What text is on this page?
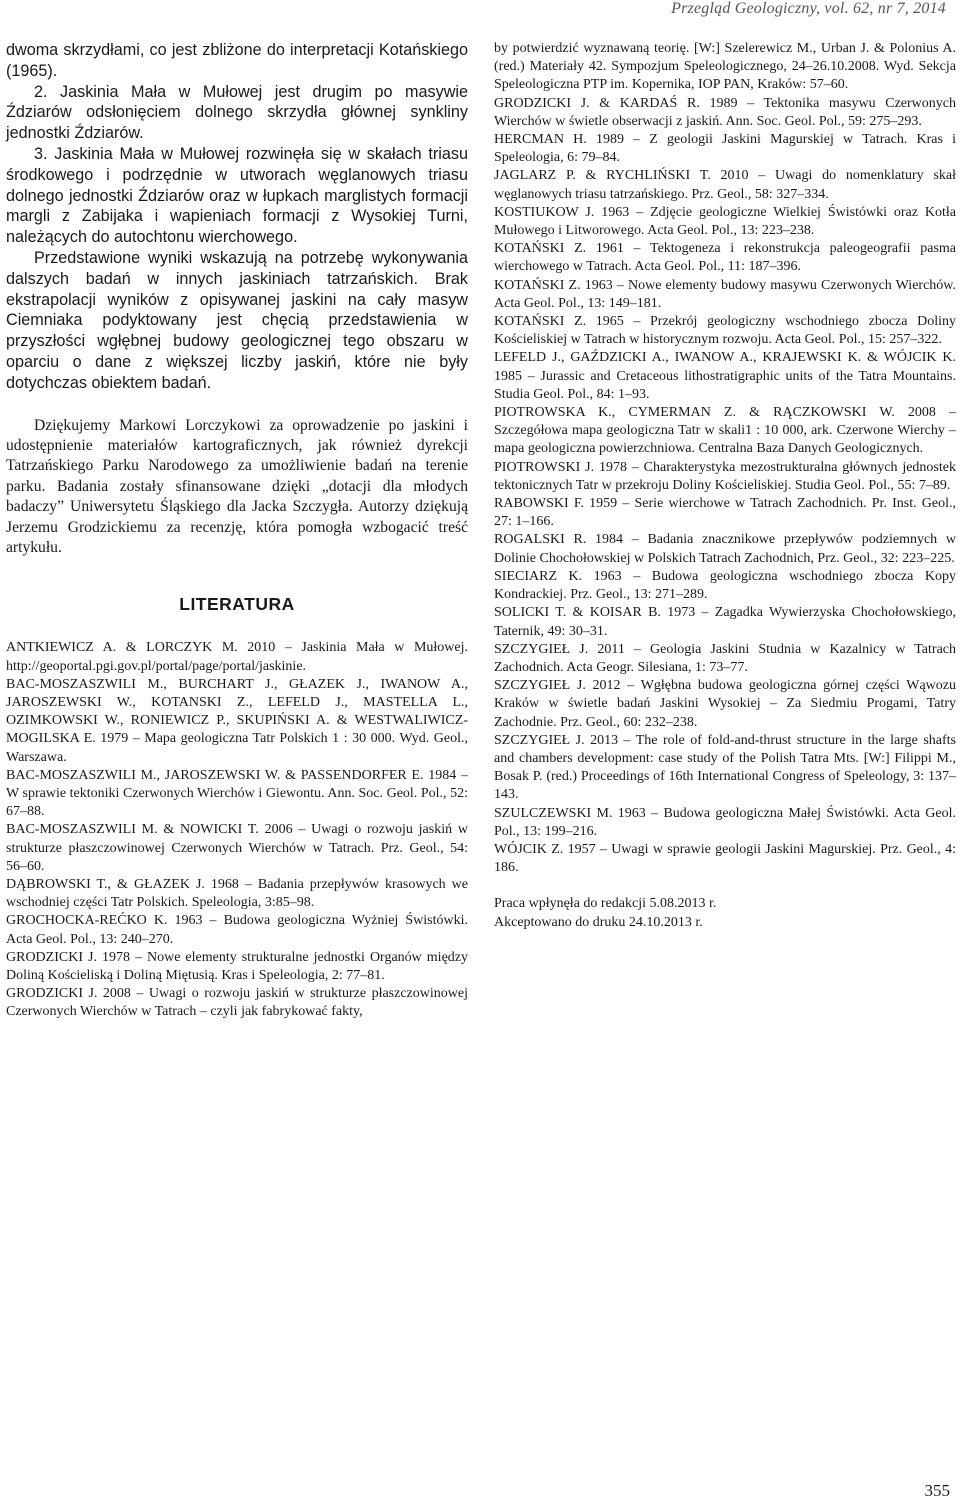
Przegląd Geologiczny, vol. 62, nr 7, 2014

dwoma skrzydłami, co jest zbliżone do interpretacji Kotańskiego (1965).

2. Jaskinia Mała w Mułowej jest drugim po masywie Ździarów odsłonięciem dolnego skrzydła głównej synkliny jednostki Ździarów.

3. Jaskinia Mała w Mułowej rozwinęła się w skałach triasu środkowego i podrzędnie w utworach węglanowych triasu dolnego jednostki Ździarów oraz w łupkach marglistych formacji margli z Zabijaka i wapieniach formacji z Wysokiej Turni, należących do autochtonu wierchowego.

Przedstawione wyniki wskazują na potrzebę wykonywania dalszych badań w innych jaskiniach tatrzańskich. Brak ekstrapolacji wyników z opisywanej jaskini na cały masyw Ciemniaka podyktowany jest chęcią przedstawienia w przyszłości wgłębnej budowy geologicznej tego obszaru w oparciu o dane z większej liczby jaskiń, które nie były dotychczas obiektem badań.

Dziękujemy Markowi Lorczykowi za oprowadzenie po jaskini i udostępnienie materiałów kartograficznych, jak również dyrekcji Tatrzańskiego Parku Narodowego za umożliwienie badań na terenie parku. Badania zostały sfinansowane dzięki „dotacji dla młodych badaczy” Uniwersytetu Śląskiego dla Jacka Szczygła. Autorzy dziękują Jerzemu Grodzickiemu za recenzję, która pomogła wzbogacić treść artykułu.

LITERATURA

ANTKIEWICZ A. & LORCZYK M. 2010 – Jaskinia Mała w Mułowej. http://geoportal.pgi.gov.pl/portal/page/portal/jaskinie.

BAC-MOSZASZWILI M., BURCHART J., GŁAZEK J., IWANOW A., JAROSZEWSKI W., KOTANSKI Z., LEFELD J., MASTELLA L., OZIMKOWSKI W., RONIEWICZ P., SKUPIŃSKI A. & WESTWALIWICZ-MOGILSKA E. 1979 – Mapa geologiczna Tatr Polskich 1 : 30 000. Wyd. Geol., Warszawa.

BAC-MOSZASZWILI M., JAROSZEWSKI W. & PASSENDORFER E. 1984 – W sprawie tektoniki Czerwonych Wierchów i Giewontu. Ann. Soc. Geol. Pol., 52: 67–88.

BAC-MOSZASZWILI M. & NOWICKI T. 2006 – Uwagi o rozwoju jaskiń w strukturze płaszczowinowej Czerwonych Wierchów w Tatrach. Prz. Geol., 54: 56–60.

DĄBROWSKI T., & GŁAZEK J. 1968 – Badania przepływów krasowych we wschodniej części Tatr Polskich. Speleologia, 3:85–98.

GROCHOCKA-REĆKO K. 1963 – Budowa geologiczna Wyżniej Świstówki. Acta Geol. Pol., 13: 240–270.

GRODZICKI J. 1978 – Nowe elementy strukturalne jednostki Organów między Doliną Kościeliską i Doliną Miętusią. Kras i Speleologia, 2: 77–81.

GRODZICKI J. 2008 – Uwagi o rozwoju jaskiń w strukturze płaszczowinowej Czerwonych Wierchów w Tatrach – czyli jak fabrykować fakty,

by potwierdzić wyznawaną teorię. [W:] Szelerewicz M., Urban J. & Polonius A. (red.) Materiały 42. Sympozjum Speleologicznego, 24–26.10.2008. Wyd. Sekcja Speleologiczna PTP im. Kopernika, IOP PAN, Kraków: 57–60.

GRODZICKI J. & KARDAŚ R. 1989 – Tektonika masywu Czerwonych Wierchów w świetle obserwacji z jaskiń. Ann. Soc. Geol. Pol., 59: 275–293.

HERCMAN H. 1989 – Z geologii Jaskini Magurskiej w Tatrach. Kras i Speleologia, 6: 79–84.

JAGLARZ P. & RYCHLIŃSKI T. 2010 – Uwagi do nomenklatury skał węglanowych triasu tatrzańskiego. Prz. Geol., 58: 327–334.

KOSTIUKOW J. 1963 – Zdjęcie geologiczne Wielkiej Świstówki oraz Kotła Mułowego i Litworowego. Acta Geol. Pol., 13: 223–238.

KOTAŃSKI Z. 1961 – Tektogeneza i rekonstrukcja paleogeografii pasma wierchowego w Tatrach. Acta Geol. Pol., 11: 187–396.

KOTAŃSKI Z. 1963 – Nowe elementy budowy masywu Czerwonych Wierchów. Acta Geol. Pol., 13: 149–181.

KOTAŃSKI Z. 1965 – Przekrój geologiczny wschodniego zbocza Doliny Kościeliskiej w Tatrach w historycznym rozwoju. Acta Geol. Pol., 15: 257–322.

LEFELD J., GAŹDZICKI A., IWANOW A., KRAJEWSKI K. & WÓJCIK K. 1985 – Jurassic and Cretaceous lithostratigraphic units of the Tatra Mountains. Studia Geol. Pol., 84: 1–93.

PIOTROWSKA K., CYMERMAN Z. & RĄCZKOWSKI W. 2008 – Szczegółowa mapa geologiczna Tatr w skali1 : 10 000, ark. Czerwone Wierchy – mapa geologiczna powierzchniowa. Centralna Baza Danych Geologicznych.

PIOTROWSKI J. 1978 – Charakterystyka mezostrukturalna głównych jednostek tektonicznych Tatr w przekroju Doliny Kościeliskiej. Studia Geol. Pol., 55: 7–89.

RABOWSKI F. 1959 – Serie wierchowe w Tatrach Zachodnich. Pr. Inst. Geol., 27: 1–166.

ROGALSKI R. 1984 – Badania znacznikowe przepływów podziemnych w Dolinie Chochołowskiej w Polskich Tatrach Zachodnich, Prz. Geol., 32: 223–225.

SIECIARZ K. 1963 – Budowa geologiczna wschodniego zbocza Kopy Kondrackiej. Prz. Geol., 13: 271–289.

SOLICKI T. & KOISAR B. 1973 – Zagadka Wywierzyska Chochołowskiego, Taternik, 49: 30–31.

SZCZYGIEŁ J. 2011 – Geologia Jaskini Studnia w Kazalnicy w Tatrach Zachodnich. Acta Geogr. Silesiana, 1: 73–77.

SZCZYGIEŁ J. 2012 – Wgłębna budowa geologiczna górnej części Wąwozu Kraków w świetle badań Jaskini Wysokiej – Za Siedmiu Progami, Tatry Zachodnie. Prz. Geol., 60: 232–238.

SZCZYGIEŁ J. 2013 – The role of fold-and-thrust structure in the large shafts and chambers development: case study of the Polish Tatra Mts. [W:] Filippi M., Bosak P. (red.) Proceedings of 16th International Congress of Speleology, 3: 137–143.

SZULCZEWSKI M. 1963 – Budowa geologiczna Małej Świstówki. Acta Geol. Pol., 13: 199–216.

WÓJCIK Z. 1957 – Uwagi w sprawie geologii Jaskini Magurskiej. Prz. Geol., 4: 186.

Praca wpłynęła do redakcji 5.08.2013 r.

Akceptowano do druku 24.10.2013 r.

355
